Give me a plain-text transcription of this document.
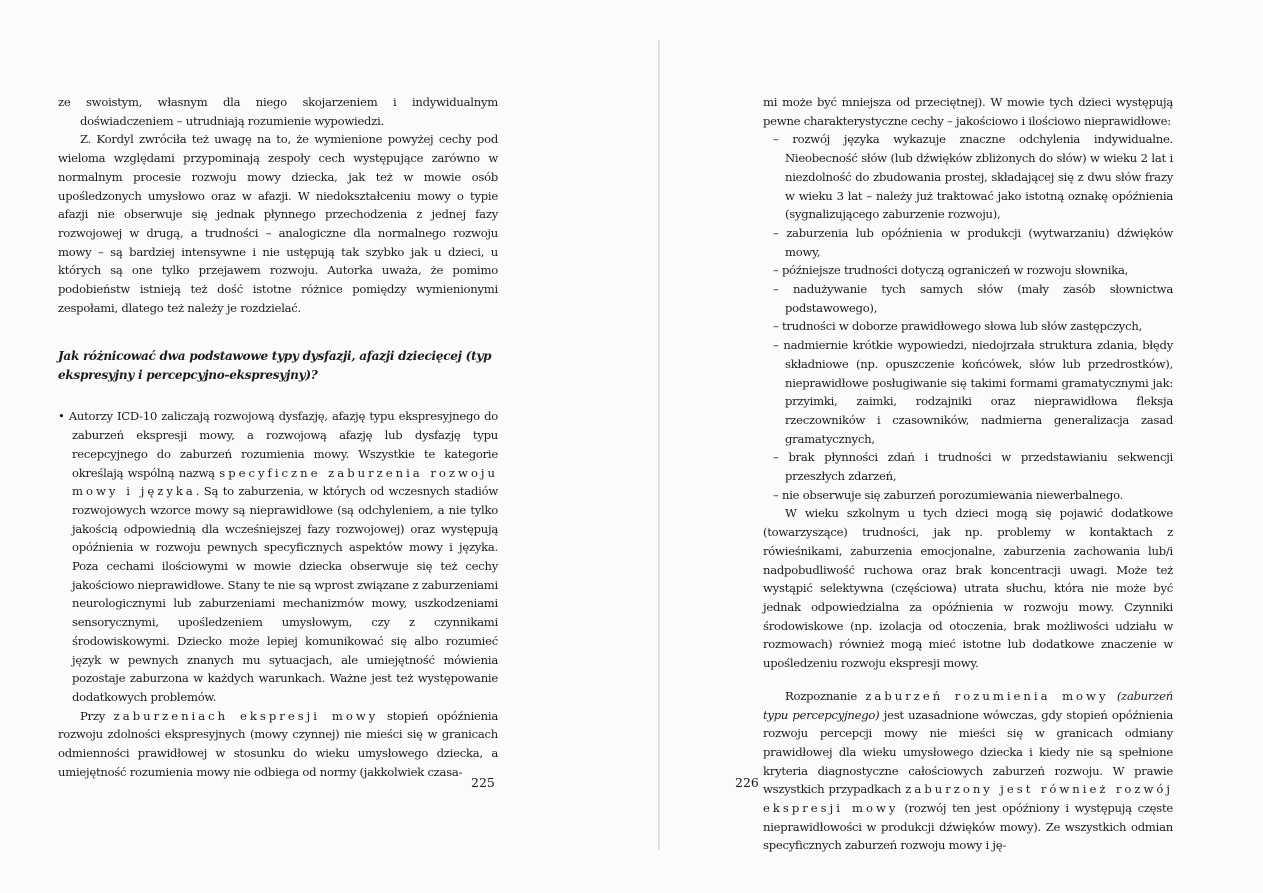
ze swoistym, własnym dla niego skojarzeniem i indywidualnym doświadczeniem – utrudniają rozumienie wypowiedzi.

Z. Kordyl zwróciła też uwagę na to, że wymienione powyżej cechy pod wieloma względami przypominają zespoły cech występujące zarówno w normalnym procesie rozwoju mowy dziecka, jak też w mowie osób upośledzonych umysłowo oraz w afazji. W niedokształceniu mowy o typie afazji nie obserwuje się jednak płynnego przechodzenia z jednej fazy rozwojowej w drugą, a trudności – analogiczne dla normalnego rozwoju mowy – są bardziej intensywne i nie ustępują tak szybko jak u dzieci, u których są one tylko przejawem rozwoju. Autorka uważa, że pomimo podobieństw istnieją też dość istotne różnice pomiędzy wymienionymi zespołami, dlatego też należy je rozdzielać.

Jak różnicować dwa podstawowe typy dysfazji, afazji dziecięcej (typ ekspresyjny i percepcyjno-ekspresyjny)?

• Autorzy ICD-10 zaliczają rozwojową dysfazję, afazję typu ekspresyjnego do zaburzeń ekspresji mowy, a rozwojową afazję lub dysfazję typu recepcyjnego do zaburzeń rozumienia mowy. Wszystkie te kategorie określają wspólną nazwą specyficzne zaburzenia rozwoju mowy i języka. Są to zaburzenia, w których od wczesnych stadiów rozwojowych wzorce mowy są nieprawidłowe (są odchyleniem, a nie tylko jakością odpowiednią dla wcześniejszej fazy rozwojowej) oraz występują opóźnienia w rozwoju pewnych specyficznych aspektów mowy i języka. Poza cechami ilościowymi w mowie dziecka obserwuje się też cechy jakościowo nieprawidłowe. Stany te nie są wprost związane z zaburzeniami neurologicznymi lub zaburzeniami mechanizmów mowy, uszkodzeniami sensorycznymi, upośledzeniem umysłowym, czy z czynnikami środowiskowymi. Dziecko może lepiej komunikować się albo rozumieć język w pewnych znanych mu sytuacjach, ale umiejętność mówienia pozostaje zaburzona w każdych warunkach. Ważne jest też występowanie dodatkowych problemów.

Przy zaburzeniach ekspresji mowy stopień opóźnienia rozwoju zdolności ekspresyjnych (mowy czynnej) nie mieści się w granicach odmienności prawidłowej w stosunku do wieku umysłowego dziecka, a umiejętność rozumienia mowy nie odbiega od normy (jakkolwiek czasa-

225

mi może być mniejsza od przeciętnej). W mowie tych dzieci występują pewne charakterystyczne cechy – jakościowo i ilościowo nieprawidłowe:

– rozwój języka wykazuje znaczne odchylenia indywidualne. Nieobecność słów (lub dźwięków zbliżonych do słów) w wieku 2 lat i niezdolność do zbudowania prostej, składającej się z dwu słów frazy w wieku 3 lat – należy już traktować jako istotną oznakę opóźnienia (sygnalizującego zaburzenie rozwoju),
– zaburzenia lub opóźnienia w produkcji (wytwarzaniu) dźwięków mowy,
– późniejsze trudności dotyczą ograniczeń w rozwoju słownika,
– nadużywanie tych samych słów (mały zasób słownictwa podstawowego),
– trudności w doborze prawidłowego słowa lub słów zastępczych,
– nadmiernie krótkie wypowiedzi, niedojrzała struktura zdania, błędy składniowe (np. opuszczenie końcówek, słów lub przedrostków), nieprawidłowe posługiwanie się takimi formami gramatycznymi jak: przyimki, zaimki, rodzajniki oraz nieprawidłowa fleksja rzeczowników i czasowników, nadmierna generalizacja zasad gramatycznych,
– brak płynności zdań i trudności w przedstawianiu sekwencji przeszłych zdarzeń,
– nie obserwuje się zaburzeń porozumiewania niewerbalnego.

W wieku szkolnym u tych dzieci mogą się pojawić dodatkowe (towarzyszące) trudności, jak np. problemy w kontaktach z rówieśnikami, zaburzenia emocjonalne, zaburzenia zachowania lub/i nadpobudliwość ruchowa oraz brak koncentracji uwagi. Może też wystąpić selektywna (częściowa) utrata słuchu, która nie może być jednak odpowiedzialna za opóźnienia w rozwoju mowy. Czynniki środowiskowe (np. izolacja od otoczenia, brak możliwości udziału w rozmowach) również mogą mieć istotne lub dodatkowe znaczenie w upośledzeniu rozwoju ekspresji mowy.

Rozpoznanie zaburzeń rozumienia mowy (zaburzeń typu percepcyjnego) jest uzasadnione wówczas, gdy stopień opóźnienia rozwoju percepcji mowy nie mieści się w granicach odmiany prawidłowej dla wieku umysłowego dziecka i kiedy nie są spełnione kryteria diagnostyczne całościowych zaburzeń rozwoju. W prawie wszystkich przypadkach zaburzony jest również rozwój ekspresji mowy (rozwój ten jest opóźniony i występują częste nieprawidłowości w produkcji dźwięków mowy). Ze wszystkich odmian specyficznych zaburzeń rozwoju mowy i ję-

226
